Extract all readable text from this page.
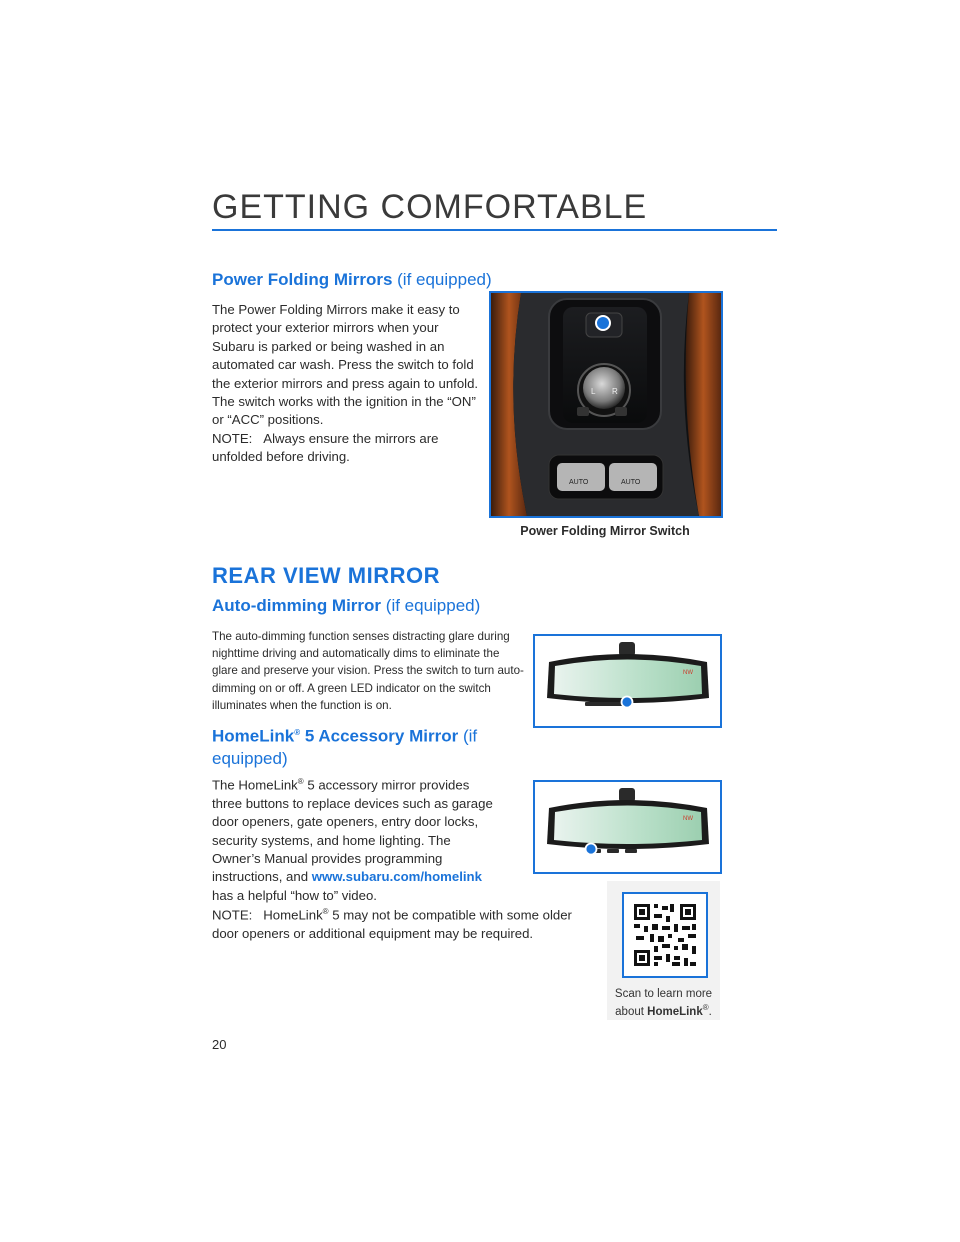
GETTING COMFORTABLE
Power Folding Mirrors (if equipped)

The Power Folding Mirrors make it easy to protect your exterior mirrors when your Subaru is parked or being washed in an automated car wash. Press the switch to fold the exterior mirrors and press again to unfold. The switch works with the ignition in the “ON” or “ACC” positions.

NOTE:   Always ensure the mirrors are unfolded before driving.

L R
AUTO	AUTO
Power Folding Mirror Switch
REAR VIEW MIRROR
Auto-dimming Mirror (if equipped)

The auto-dimming function senses distracting glare during nighttime driving and automatically dims to eliminate the glare and preserve your vision. Press the switch to turn auto-dimming on or off. A green LED indicator on the switch illuminates when the function is on.

NW
HomeLink® 5 Accessory Mirror (if equipped)

The HomeLink® 5 accessory mirror provides three buttons to replace devices such as garage door openers, gate openers, entry door locks, security systems, and home lighting. The Owner’s Manual provides programming instructions, and www.subaru.com/homelink has a helpful “how to” video.

NOTE:   HomeLink® 5 may not be compatible with some older door openers or additional equipment may be required.

NW
Scan to learn more
about HomeLink®.
20
